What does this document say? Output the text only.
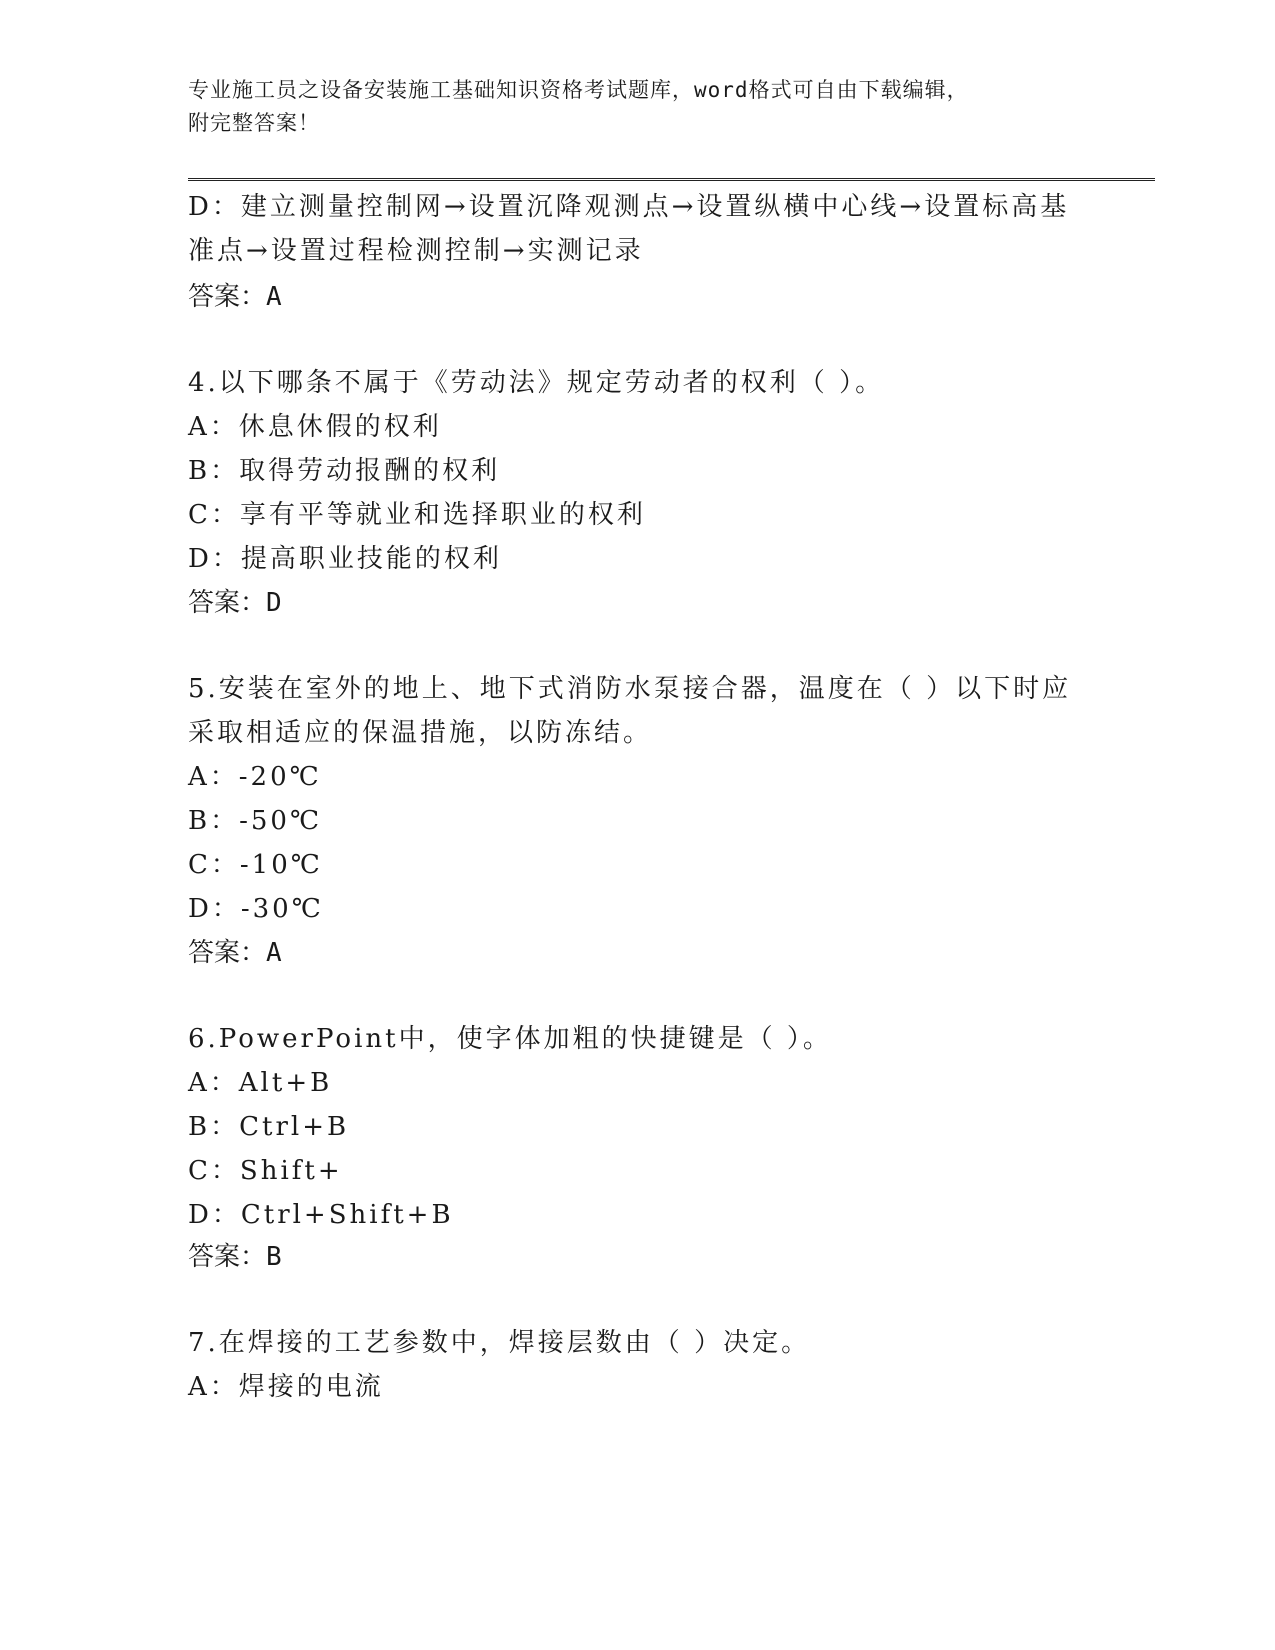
专业施工员之设备安装施工基础知识资格考试题库，word格式可自由下载编辑，
附完整答案！
D：建立测量控制网→设置沉降观测点→设置纵横中心线→设置标高基
准点→设置过程检测控制→实测记录
答案：A
4.以下哪条不属于《劳动法》规定劳动者的权利（ ）。
A：休息休假的权利
B：取得劳动报酬的权利
C：享有平等就业和选择职业的权利
D：提高职业技能的权利
答案：D
5.安装在室外的地上、地下式消防水泵接合器，温度在（ ）以下时应
采取相适应的保温措施，以防冻结。
A：-20℃
B：-50℃
C：-10℃
D：-30℃
答案：A
6.PowerPoint中，使字体加粗的快捷键是（ ）。
A：Alt+B
B：Ctrl+B
C：Shift+
D：Ctrl+Shift+B
答案：B
7.在焊接的工艺参数中，焊接层数由（ ）决定。
A：焊接的电流
